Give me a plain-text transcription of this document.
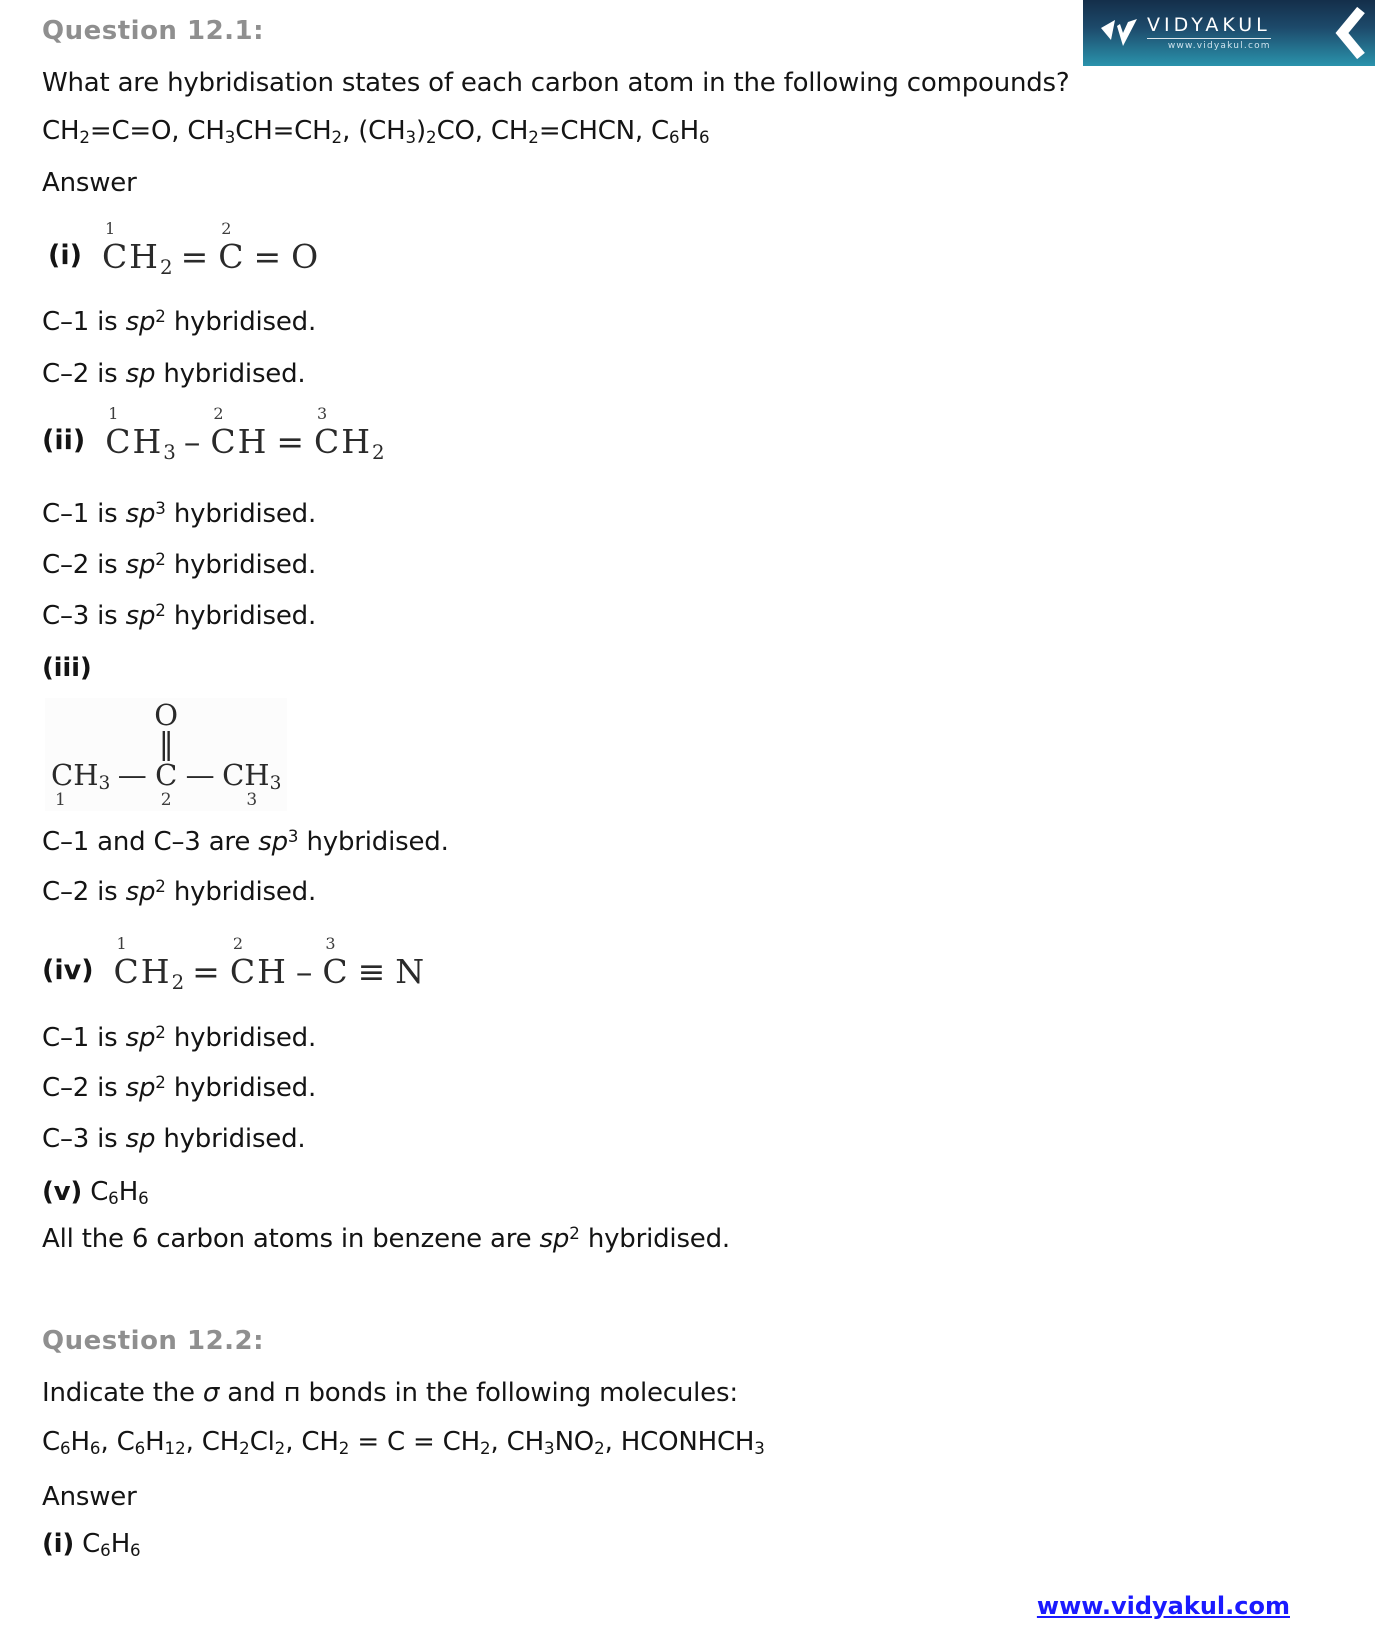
VIDYAKUL
www.vidyakul.com
Question 12.1:
What are hybridisation states of each carbon atom in the following compounds?
CH2=C=O, CH3CH=CH2, (CH3)2CO, CH2=CHCN, C6H6
Answer
(i)
1
CH2 =
2
C = O
C–1 is $sp^2$ hybridised.
C–2 is sp hybridised.
(ii)
1
CH3 –
2
CH =
3
CH2
C–1 is $sp^3$ hybridised.
C–2 is $sp^2$ hybridised.
C–3 is $sp^2$ hybridised.
(iii)
O
‖
CH3 — C — CH3
1	2	3
C–1 and C–3 are $sp^3$ hybridised.
C–2 is $sp^2$ hybridised.
(iv)
1
CH2 =
2
CH –
3
C ≡ N
C–1 is $sp^2$ hybridised.
C–2 is $sp^2$ hybridised.
C–3 is sp hybridised.
(v) C6H6
All the 6 carbon atoms in benzene are $sp^2$ hybridised.
Question 12.2:
Indicate the σ and п bonds in the following molecules:
C6H6, C6H12, CH2Cl2, CH2 = C = CH2, CH3NO2, HCONHCH3
Answer
(i) C6H6
www.vidyakul.com
